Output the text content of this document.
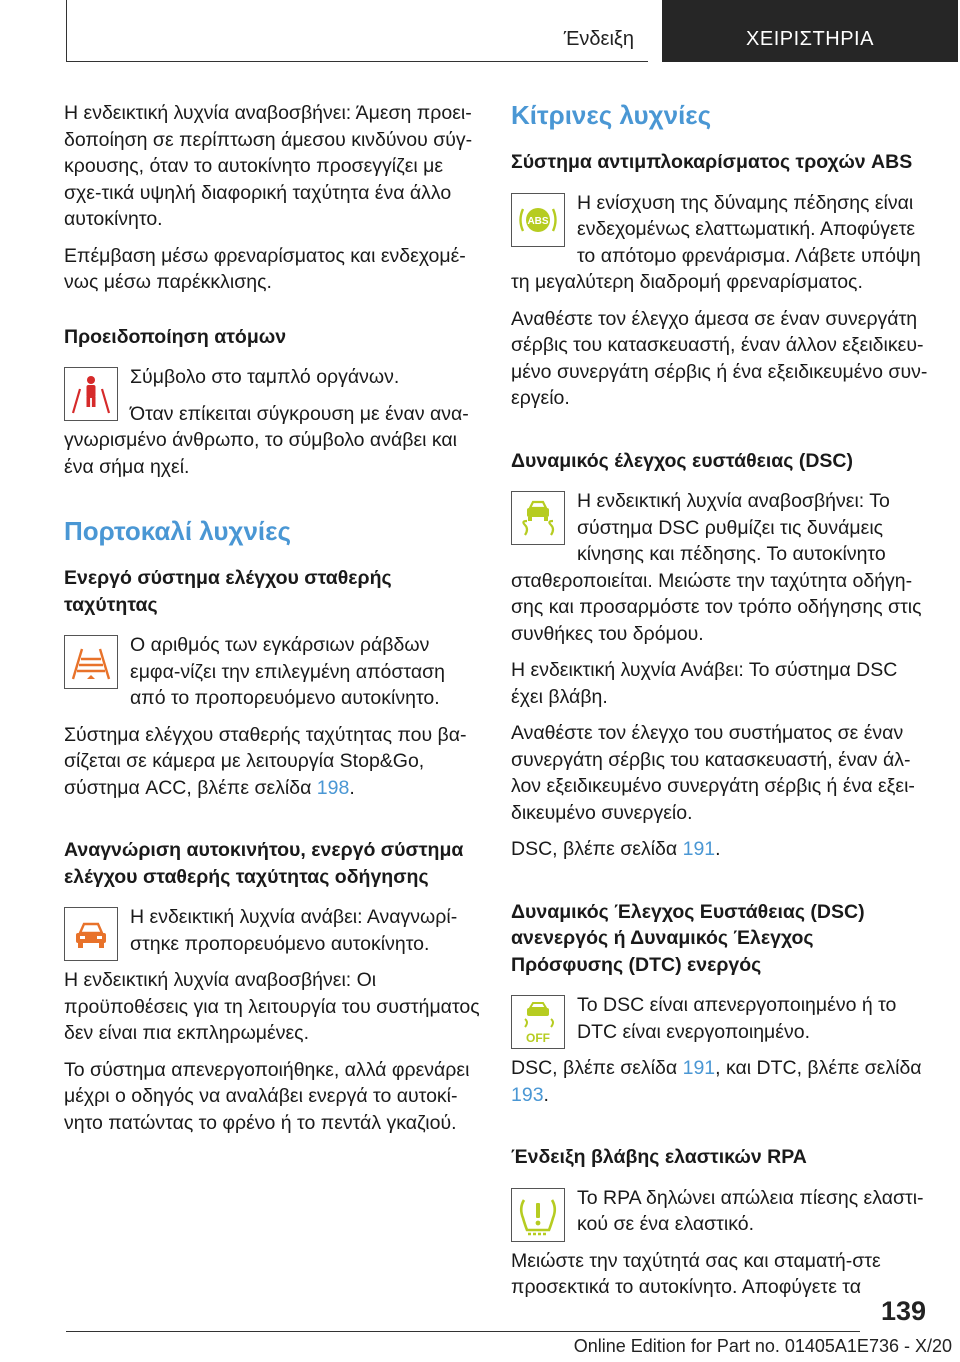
Ένδειξη	ΧΕΙΡΙΣΤΗΡΙΑ

Η ενδεικτική λυχνία αναβοσβήνει: Άμεση προει-δοποίηση σε περίπτωση άμεσου κινδύνου σύγ-κρουσης, όταν το αυτοκίνητο προσεγγίζει με σχε-τικά υψηλή διαφορική ταχύτητα ένα άλλο αυτοκίνητο.

Επέμβαση μέσω φρεναρίσματος και ενδεχομέ-νως μέσω παρέκκλισης.

Προειδοποίηση ατόμων

Σύμβολο στο ταμπλό οργάνων.

Όταν επίκειται σύγκρουση με έναν ανα-γνωρισμένο άνθρωπο, το σύμβολο ανάβει και ένα σήμα ηχεί.

Πορτοκαλί λυχνίες
Ενεργό σύστημα ελέγχου σταθερής ταχύτητας

Ο αριθμός των εγκάρσιων ράβδων εμφα-νίζει την επιλεγμένη απόσταση από το προπορευόμενο αυτοκίνητο.

Σύστημα ελέγχου σταθερής ταχύτητας που βα-σίζεται σε κάμερα με λειτουργία Stop&Go, σύστημα ACC, βλέπε σελίδα 198.

Αναγνώριση αυτοκινήτου, ενεργό σύστημα ελέγχου σταθερής ταχύτητας οδήγησης

Η ενδεικτική λυχνία ανάβει: Αναγνωρί-στηκε προπορευόμενο αυτοκίνητο.

Η ενδεικτική λυχνία αναβοσβήνει: Οι προϋποθέσεις για τη λειτουργία του συστήματος δεν είναι πια εκπληρωμένες.

Το σύστημα απενεργοποιήθηκε, αλλά φρενάρει μέχρι ο οδηγός να αναλάβει ενεργά το αυτοκί-νητο πατώντας το φρένο ή το πεντάλ γκαζιού.

Κίτρινες λυχνίες
Σύστημα αντιμπλοκαρίσματος τροχών ABS
ABS

Η ενίσχυση της δύναμης πέδησης είναι ενδεχομένως ελαττωματική. Αποφύγετε το απότομο φρενάρισμα. Λάβετε υπόψη τη μεγαλύτερη διαδρομή φρεναρίσματος.

Αναθέστε τον έλεγχο άμεσα σε έναν συνεργάτη σέρβις του κατασκευαστή, έναν άλλον εξειδικευ-μένο συνεργάτη σέρβις ή ένα εξειδικευμένο συν-εργείο.

Δυναμικός έλεγχος ευστάθειας (DSC)

Η ενδεικτική λυχνία αναβοσβήνει: Το σύστημα DSC ρυθμίζει τις δυνάμεις κίνησης και πέδησης. Το αυτοκίνητο σταθεροποιείται. Μειώστε την ταχύτητα οδήγη-σης και προσαρμόστε τον τρόπο οδήγησης στις συνθήκες του δρόμου.

Η ενδεικτική λυχνία Ανάβει: Το σύστημα DSC έχει βλάβη.

Αναθέστε τον έλεγχο του συστήματος σε έναν συνεργάτη σέρβις του κατασκευαστή, έναν άλ-λον εξειδικευμένο συνεργάτη σέρβις ή ένα εξει-δικευμένο συνεργείο.

DSC, βλέπε σελίδα 191.

Δυναμικός Έλεγχος Ευστάθειας (DSC) ανενεργός ή Δυναμικός Έλεγχος Πρόσφυσης (DTC) ενεργός
OFF

Το DSC είναι απενεργοποιημένο ή το DTC είναι ενεργοποιημένο.

DSC, βλέπε σελίδα 191, και DTC, βλέπε σελίδα 193.

Ένδειξη βλάβης ελαστικών RPA

Το RPA δηλώνει απώλεια πίεσης ελαστι-κού σε ένα ελαστικό.

Μειώστε την ταχύτητά σας και σταματή-στε προσεκτικά το αυτοκίνητο. Αποφύγετε τα

139
Online Edition for Part no. 01405A1E736 - X/20
